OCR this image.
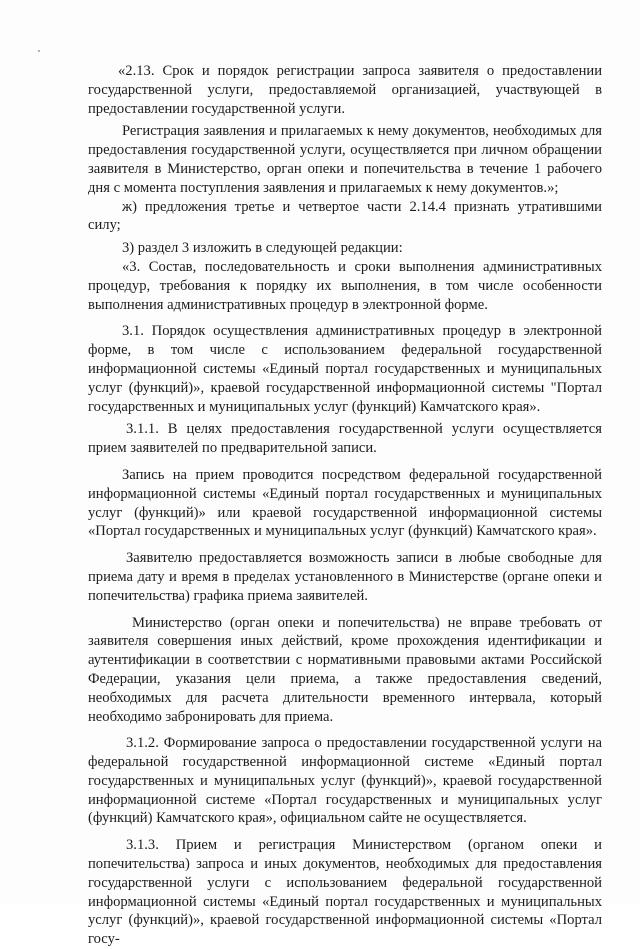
«2.13. Срок и порядок регистрации запроса заявителя о предоставлении государственной услуги, предоставляемой организацией, участвующей в предоставлении государственной услуги.

Регистрация заявления и прилагаемых к нему документов, необходимых для предоставления государственной услуги, осуществляется при личном обращении заявителя в Министерство, орган опеки и попечительства в течение 1 рабочего дня с момента поступления заявления и прилагаемых к нему документов.»;

ж) предложения третье и четвертое части 2.14.4 признать утратившими силу;

3) раздел 3 изложить в следующей редакции:

«3. Состав, последовательность и сроки выполнения административных процедур, требования к порядку их выполнения, в том числе особенности выполнения административных процедур в электронной форме.

3.1. Порядок осуществления административных процедур в электронной форме, в том числе с использованием федеральной государственной информационной системы «Единый портал государственных и муниципальных услуг (функций)», краевой государственной информационной системы "Портал государственных и муниципальных услуг (функций) Камчатского края».

3.1.1. В целях предоставления государственной услуги осуществляется прием заявителей по предварительной записи.

Запись на прием проводится посредством федеральной государственной информационной системы «Единый портал государственных и муниципальных услуг (функций)» или краевой государственной информационной системы «Портал государственных и муниципальных услуг (функций) Камчатского края».

Заявителю предоставляется возможность записи в любые свободные для приема дату и время в пределах установленного в Министерстве (органе опеки и попечительства) графика приема заявителей.

Министерство (орган опеки и попечительства) не вправе требовать от заявителя совершения иных действий, кроме прохождения идентификации и аутентификации в соответствии с нормативными правовыми актами Российской Федерации, указания цели приема, а также предоставления сведений, необходимых для расчета длительности временного интервала, который необходимо забронировать для приема.

3.1.2. Формирование запроса о предоставлении государственной услуги на федеральной государственной информационной системе «Единый портал государственных и муниципальных услуг (функций)», краевой государственной информационной системе «Портал государственных и муниципальных услуг (функций) Камчатского края», официальном сайте не осуществляется.

3.1.3. Прием и регистрация Министерством (органом опеки и попечительства) запроса и иных документов, необходимых для предоставления государственной услуги с использованием федеральной государственной информационной системы «Единый портал государственных и муниципальных услуг (функций)», краевой государственной информационной системы «Портал госу-
